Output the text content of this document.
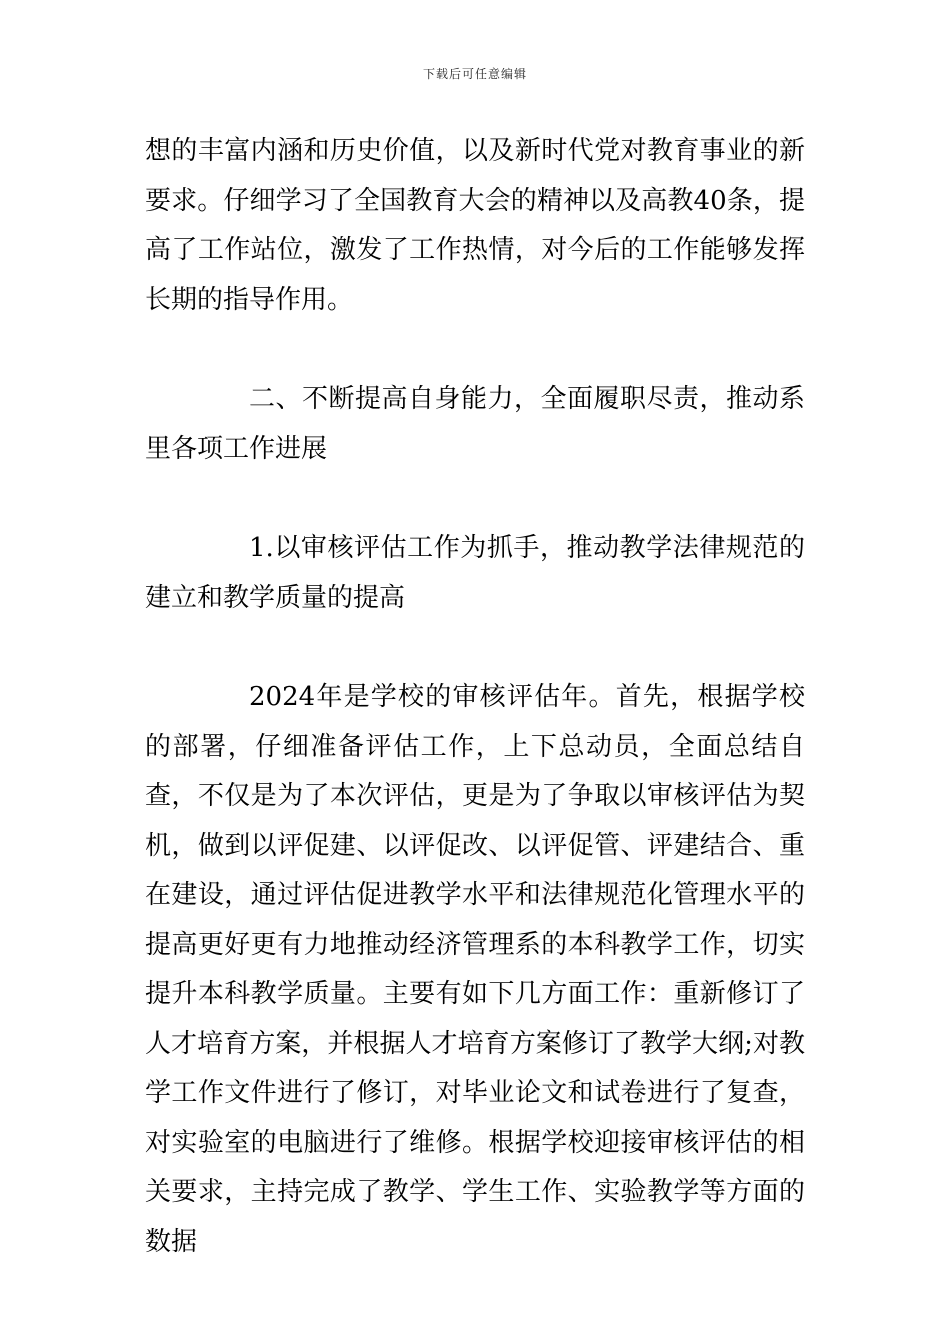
下载后可任意编辑

想的丰富内涵和历史价值，以及新时代党对教育事业的新要求。仔细学习了全国教育大会的精神以及高教40条，提高了工作站位，激发了工作热情，对今后的工作能够发挥长期的指导作用。

二、不断提高自身能力，全面履职尽责，推动系里各项工作进展

1.以审核评估工作为抓手，推动教学法律规范的建立和教学质量的提高

2024年是学校的审核评估年。首先，根据学校的部署，仔细准备评估工作，上下总动员，全面总结自查，不仅是为了本次评估，更是为了争取以审核评估为契机，做到以评促建、以评促改、以评促管、评建结合、重在建设，通过评估促进教学水平和法律规范化管理水平的提高更好更有力地推动经济管理系的本科教学工作，切实提升本科教学质量。主要有如下几方面工作：重新修订了人才培育方案，并根据人才培育方案修订了教学大纲;对教学工作文件进行了修订，对毕业论文和试卷进行了复查，对实验室的电脑进行了维修。根据学校迎接审核评估的相关要求，主持完成了教学、学生工作、实验教学等方面的数据
